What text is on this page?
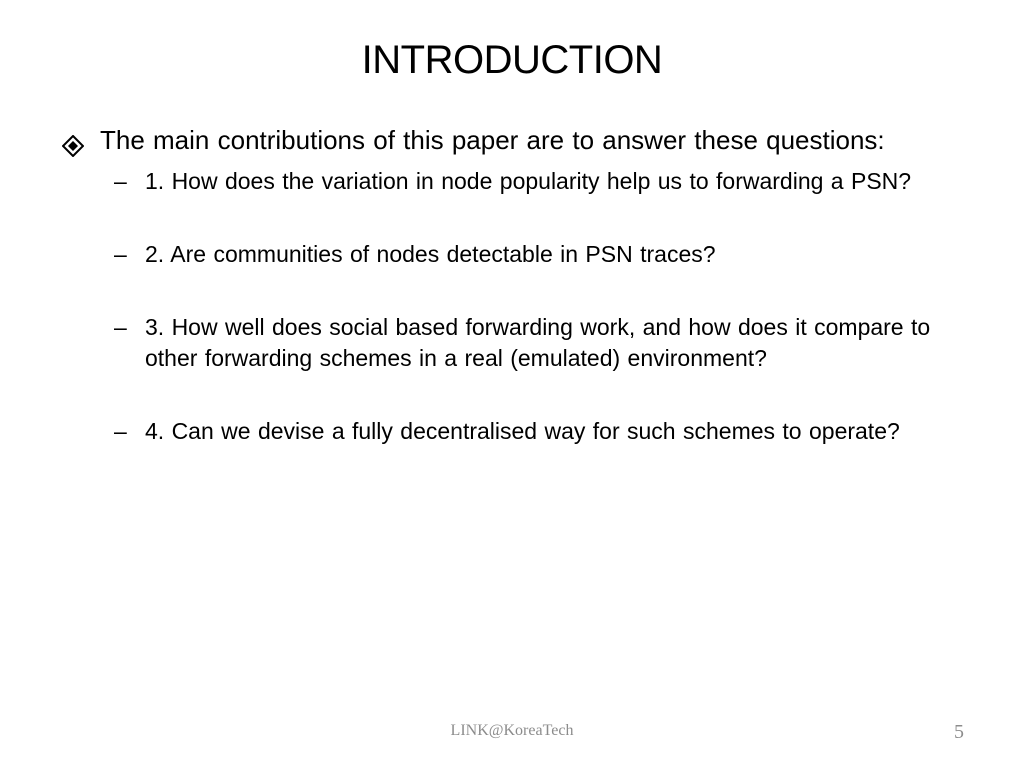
INTRODUCTION
The main contributions of this paper are to answer these questions:
– 1. How does the variation in node popularity help us to forwarding a PSN?
– 2. Are communities of nodes detectable in PSN traces?
– 3. How well does social based forwarding work, and how does it compare to other forwarding schemes in a real (emulated) environment?
– 4. Can we devise a fully decentralised way for such schemes to operate?
LINK@KoreaTech	5
